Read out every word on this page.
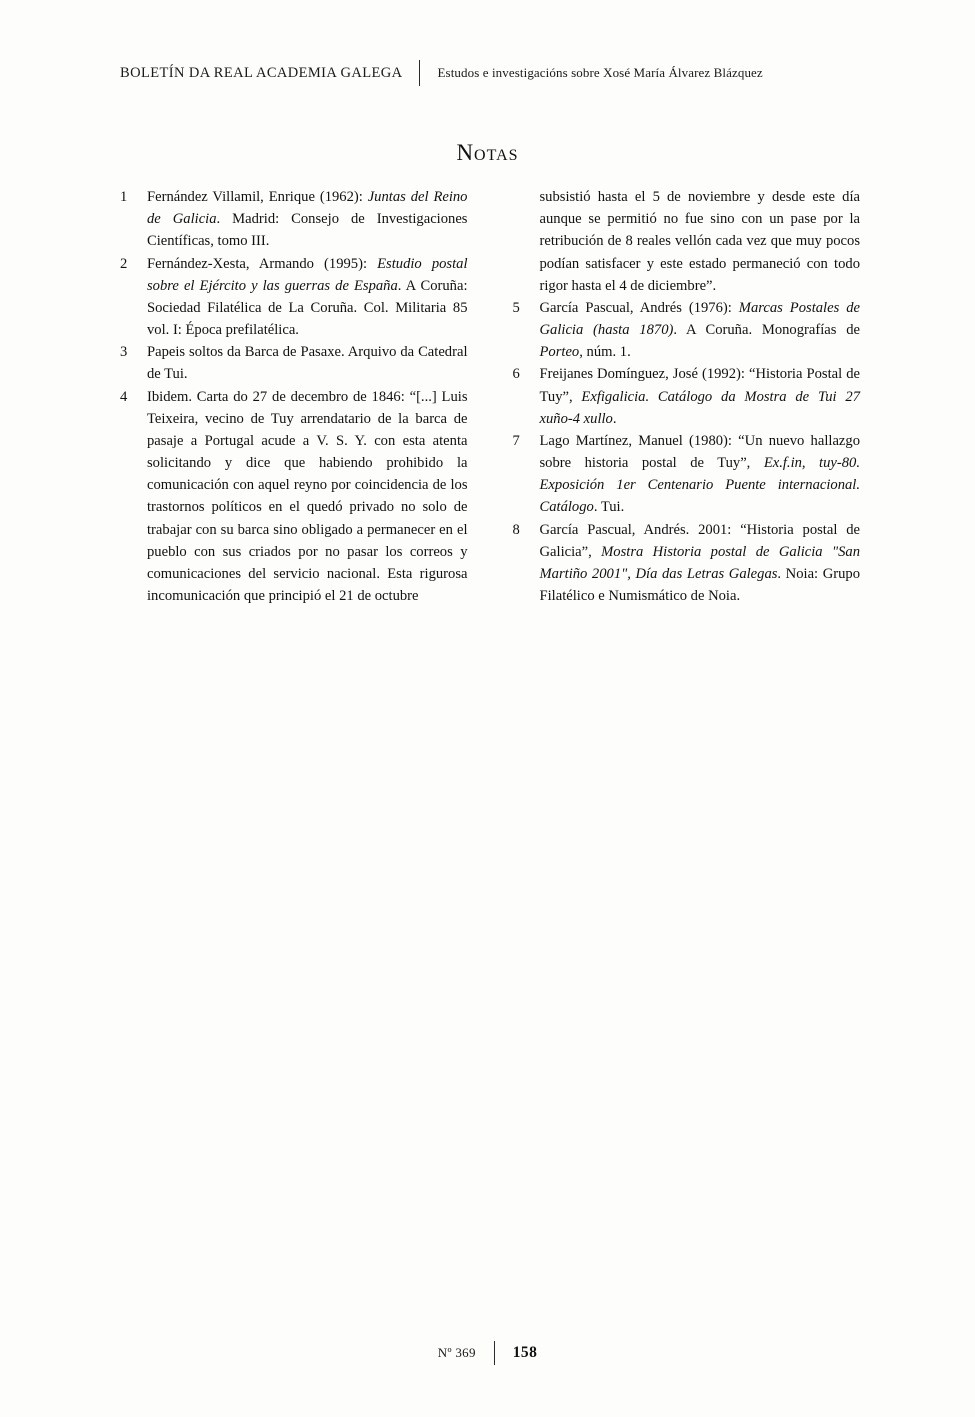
BOLETÍN DA REAL ACADEMIA GALEGA	Estudos e investigacións sobre Xosé María Álvarez Blázquez
Notas
1	Fernández Villamil, Enrique (1962): Juntas del Reino de Galicia. Madrid: Consejo de Investigaciones Científicas, tomo III.
2	Fernández-Xesta, Armando (1995): Estudio postal sobre el Ejército y las guerras de España. A Coruña: Sociedad Filatélica de La Coruña. Col. Militaria 85 vol. I: Época prefilatélica.
3	Papeis soltos da Barca de Pasaxe. Arquivo da Catedral de Tui.
4	Ibidem. Carta do 27 de decembro de 1846: “[...] Luis Teixeira, vecino de Tuy arrendatario de la barca de pasaje a Portugal acude a V. S. Y. con esta atenta solicitando y dice que habiendo prohibido la comunicación con aquel reyno por coincidencia de los trastornos políticos en el quedó privado no solo de trabajar con su barca sino obligado a permanecer en el pueblo con sus criados por no pasar los correos y comunicaciones del servicio nacional. Esta rigurosa incomunicación que principió el 21 de octubre
subsistió hasta el 5 de noviembre y desde este día aunque se permitió no fue sino con un pase por la retribución de 8 reales vellón cada vez que muy pocos podían satisfacer y este estado permaneció con todo rigor hasta el 4 de diciembre”.
5	García Pascual, Andrés (1976): Marcas Postales de Galicia (hasta 1870). A Coruña. Monografías de Porteo, núm. 1.
6	Freijanes Domínguez, José (1992): “Historia Postal de Tuy”, Exfigalicia. Catálogo da Mostra de Tui 27 xuño-4 xullo.
7	Lago Martínez, Manuel (1980): “Un nuevo hallazgo sobre historia postal de Tuy”, Ex.f.in, tuy-80. Exposición 1er Centenario Puente internacional. Catálogo. Tui.
8	García Pascual, Andrés. 2001: “Historia postal de Galicia”, Mostra Historia postal de Galicia "San Martiño 2001", Día das Letras Galegas. Noia: Grupo Filatélico e Numismático de Noia.
Nº 369 158
